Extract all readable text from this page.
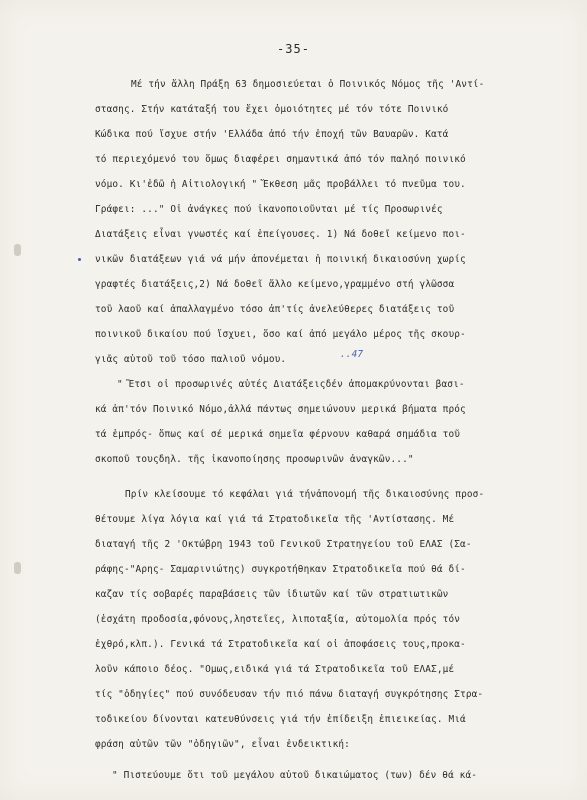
-35-
Μέ τήν ἄλλη Πράξη 63 δημοσιεύεται ὁ Ποινικός Νόμος τῆς 'Αντί-
στασης. Στήν κατάταξή του ἔχει ὁμοιότητες μέ τόν τότε Ποινικό
Κώδικα πού ἴσχυε στήν 'Ελλάδα ἀπό τήν ἐποχή τῶν Βαυαρῶν. Κατά
τό περιεχόμενό του ὅμως διαφέρει σημαντικά ἀπό τόν παληό ποινικό
νόμο. Κι'ἐδῶ ἡ Αἰτιολογική " Ἔκθεση μᾶς προβάλλει τό πνεῦμα του.
Γράφει: ..." Οἱ ἀνάγκες πού ἱκανοποιοῦνται μέ τίς Προσωρινές
Διατάξεις εἶναι γνωστές καί ἐπείγουσες. 1) Νά δοθεῖ κείμενο ποι-
νικῶν διατάξεων γιά νά μήν ἀπονέμεται ἡ ποινική δικαιοσύνη χωρίς
γραφτές διατάξεις,2) Νά δοθεῖ ἄλλο κείμενο,γραμμένο στή γλῶσσα
τοῦ λαοῦ καί ἀπαλλαγμένο τόσο ἀπ'τίς ἀνελεύθερες διατάξεις τοῦ
ποινικοῦ δικαίου πού ἴσχυει, ὅσο καί ἀπό μεγάλο μέρος τῆς σκουρ-
γιᾶς αὐτοῦ τοῦ τόσο παλιοῦ νόμου.	..47
" Ἔτσι οἱ προσωρινές αὐτές Διατάξειςδέν ἀπομακρύνονται βασι-
κά ἀπ'τόν Ποινικό Νόμο,ἀλλά πάντως σημειώνουν μερικά βήματα πρός
τά ἐμπρός- ὅπως καί σέ μερικά σημεῖα φέρνουν καθαρά σημάδια τοῦ
σκοποῦ τουςδηλ. τῆς ἱκανοποίησης προσωρινῶν ἀναγκῶν..."
Πρίν κλείσουμε τό κεφάλαι γιά τήνἀπονομή τῆς δικαιοσύνης προσ-
θέτουμε λίγα λόγια καί γιά τά Στρατοδικεῖα τῆς 'Αντίστασης. Μέ
διαταγή τῆς 2 'Οκτώβρη 1943 τοῦ Γενικοῦ Στρατηγείου τοῦ ΕΛΑΣ (Σα-
ράφης-"Αρης- Σαμαρινιώτης) συγκροτήθηκαν Στρατοδικεῖα πού θά δί-
καζαν τίς σοβαρές παραβάσεις τῶν ἰδιωτῶν καί τῶν στρατιωτικῶν
(ἐσχάτη προδοσία,φόνους,ληστεῖες, λιποταξία, αὐτομολία πρός τόν
ἐχθρό,κλπ.). Γενικά τά Στρατοδικεῖα καί οἱ ἀποφάσεις τους,προκα-
λοῦν κάποιο δέος. "Ομως,ειδικά γιά τά Στρατοδικεῖα τοῦ ΕΛΑΣ,μέ
τίς "ὁδηγίες" πού συνόδευσαν τήν πιό πάνω διαταγή συγκρότησης Στρα-
τοδικείου δίνονται κατευθύνσεις γιά τήν ἐπίδειξη ἐπιεικείας. Μιά
φράση αὐτῶν τῶν "ὁδηγιῶν", εἶναι ἐνδεικτική:
" Πιστεύουμε ὅτι τοῦ μεγάλου αὐτοῦ δικαιώματος (των) δέν θά κά-
